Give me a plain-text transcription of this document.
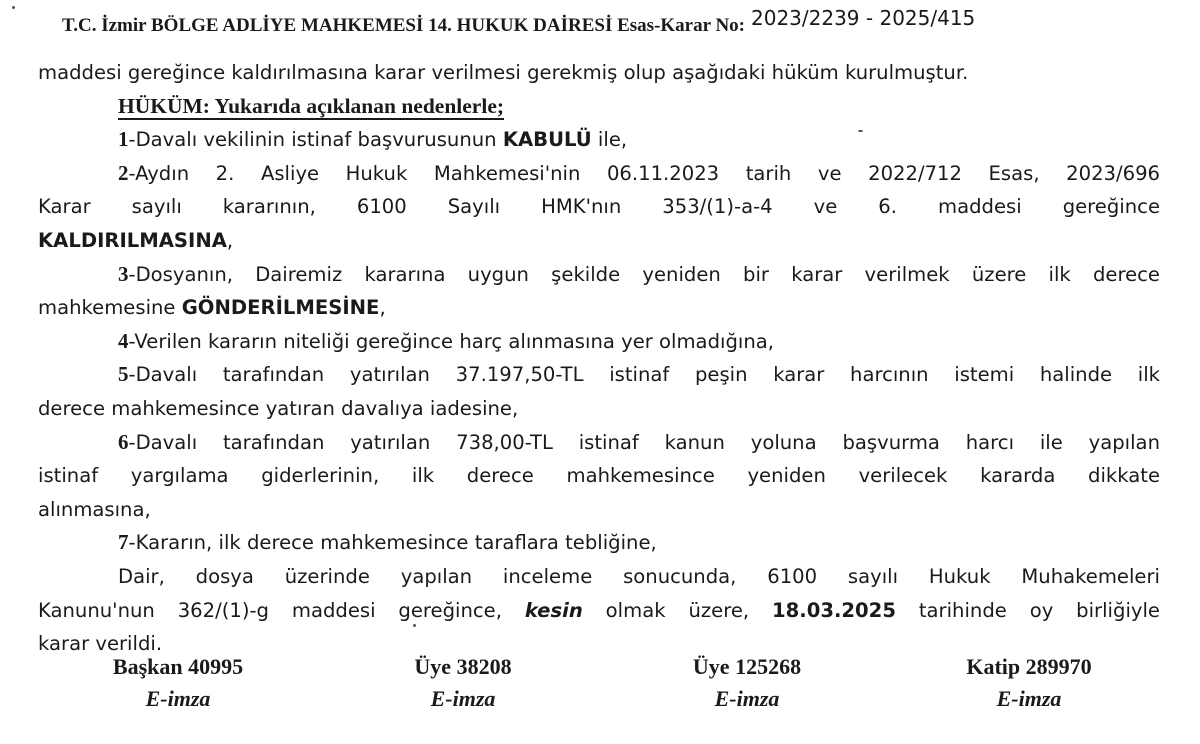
T.C. İzmir BÖLGE ADLİYE MAHKEMESİ 14. HUKUK DAİRESİ Esas-Karar No: 2023/2239 - 2025/415
maddesi gereğince kaldırılmasına karar verilmesi gerekmiş olup aşağıdaki hüküm kurulmuştur.
HÜKÜM: Yukarıda açıklanan nedenlerle;
1-Davalı vekilinin istinaf başvurusunun KABULÜ ile,
2-Aydın 2. Asliye Hukuk Mahkemesi'nin 06.11.2023 tarih ve 2022/712 Esas, 2023/696
Karar sayılı kararının, 6100 Sayılı HMK'nın 353/(1)-a-4 ve 6. maddesi gereğince
KALDIRILMASINA,
3-Dosyanın, Dairemiz kararına uygun şekilde yeniden bir karar verilmek üzere ilk derece
mahkemesine GÖNDERİLMESİNE,
4-Verilen kararın niteliği gereğince harç alınmasına yer olmadığına,
5-Davalı tarafından yatırılan 37.197,50-TL istinaf peşin karar harcının istemi halinde ilk
derece mahkemesince yatıran davalıya iadesine,
6-Davalı tarafından yatırılan 738,00-TL istinaf kanun yoluna başvurma harcı ile yapılan
istinaf yargılama giderlerinin, ilk derece mahkemesince yeniden verilecek kararda dikkate
alınmasına,
7-Kararın, ilk derece mahkemesince taraflara tebliğine,
Dair, dosya üzerinde yapılan inceleme sonucunda, 6100 sayılı Hukuk Muhakemeleri
Kanunu'nun 362/(1)-g maddesi gereğince, kesin olmak üzere, 18.03.2025 tarihinde oy birliğiyle
karar verildi.
Başkan 40995
E-imza
Üye 38208
E-imza
Üye 125268
E-imza
Katip 289970
E-imza
